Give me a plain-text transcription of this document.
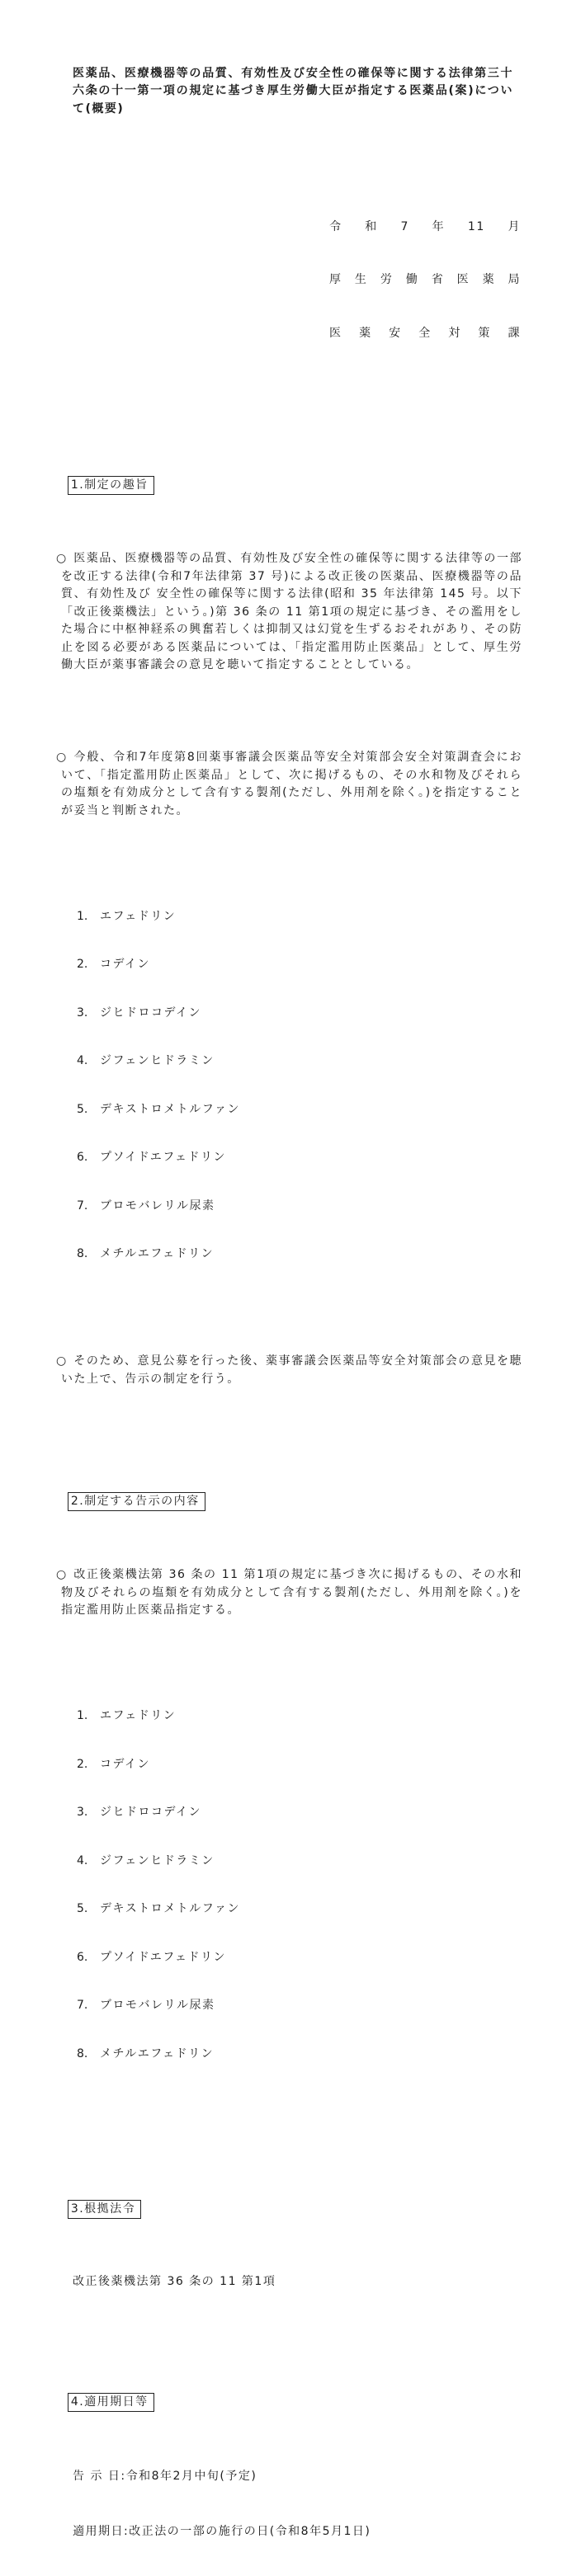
医薬品、医療機器等の品質、有効性及び安全性の確保等に関する法律第三十六条の十一第一項の規定に基づき厚生労働大臣が指定する医薬品(案)について(概要)

令和7年11月

厚生労働省医薬局

医薬安全対策課

1.制定の趣旨

○ 医薬品、医療機器等の品質、有効性及び安全性の確保等に関する法律等の一部を改正する法律(令和7年法律第 37 号)による改正後の医薬品、医療機器等の品質、有効性及び 安全性の確保等に関する法律(昭和 35 年法律第 145 号。以下「改正後薬機法」という。)第 36 条の 11 第1項の規定に基づき、その濫用をした場合に中枢神経系の興奮若しくは抑制又は幻覚を生ずるおそれがあり、その防止を図る必要がある医薬品については、「指定濫用防止医薬品」として、厚生労働大臣が薬事審議会の意見を聴いて指定することとしている。

○ 今般、令和7年度第8回薬事審議会医薬品等安全対策部会安全対策調査会において、「指定濫用防止医薬品」として、次に掲げるもの、その水和物及びそれらの塩類を有効成分として含有する製剤(ただし、外用剤を除く。)を指定することが妥当と判断された。

1. エフェドリン

2. コデイン

3. ジヒドロコデイン

4. ジフェンヒドラミン

5. デキストロメトルファン

6. プソイドエフェドリン

7. ブロモバレリル尿素

8. メチルエフェドリン

○ そのため、意見公募を行った後、薬事審議会医薬品等安全対策部会の意見を聴いた上で、告示の制定を行う。

2.制定する告示の内容

○ 改正後薬機法第 36 条の 11 第1項の規定に基づき次に掲げるもの、その水和物及びそれらの塩類を有効成分として含有する製剤(ただし、外用剤を除く。)を指定濫用防止医薬品指定する。

1. エフェドリン

2. コデイン

3. ジヒドロコデイン

4. ジフェンヒドラミン

5. デキストロメトルファン

6. プソイドエフェドリン

7. ブロモバレリル尿素

8. メチルエフェドリン

3.根拠法令

改正後薬機法第 36 条の 11 第1項

4.適用期日等

告 示 日:令和8年2月中旬(予定)

適用期日:改正法の一部の施行の日(令和8年5月1日)
